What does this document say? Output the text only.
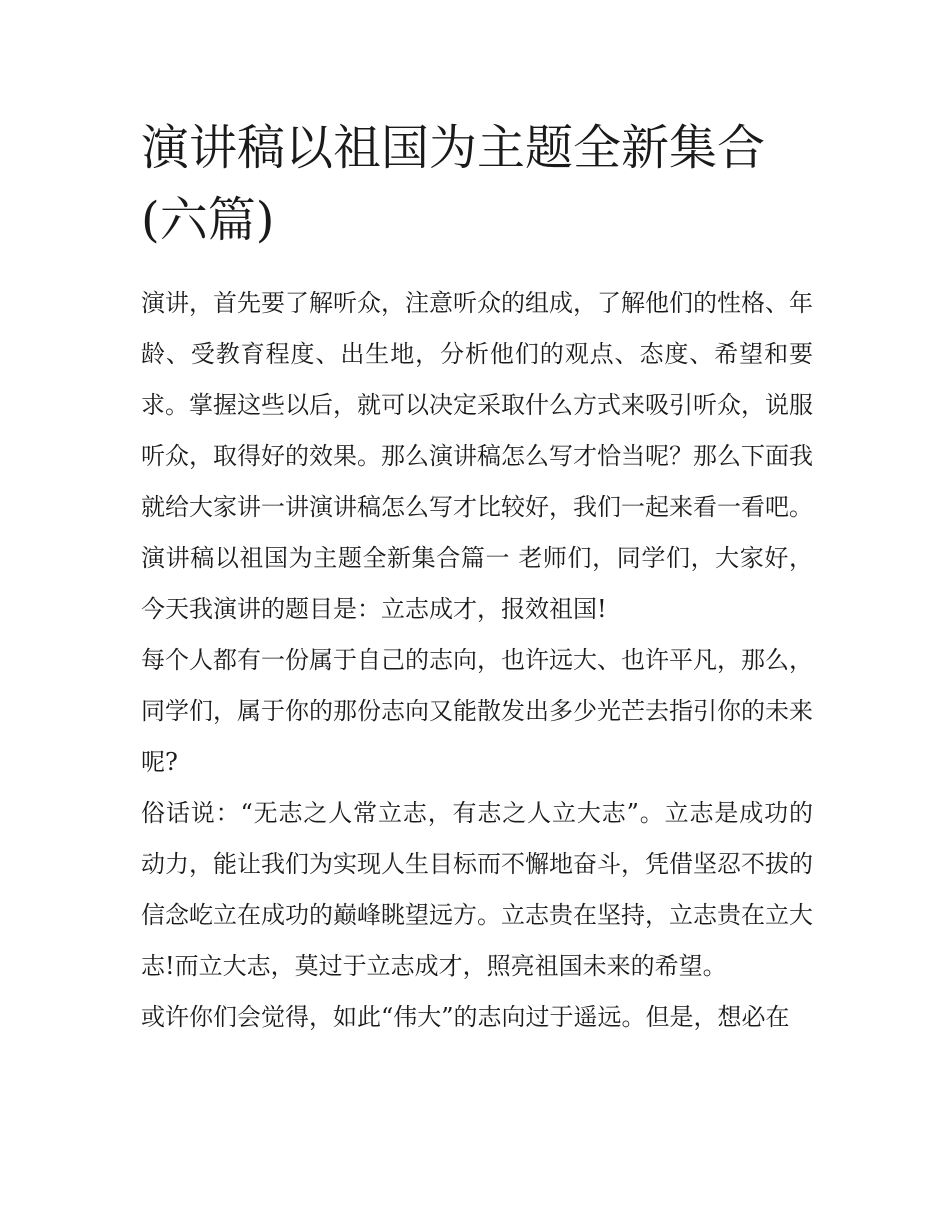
演讲稿以祖国为主题全新集合(六篇)

演讲，首先要了解听众，注意听众的组成，了解他们的性格、年龄、受教育程度、出生地，分析他们的观点、态度、希望和要求。掌握这些以后，就可以决定采取什么方式来吸引听众，说服听众，取得好的效果。那么演讲稿怎么写才恰当呢？那么下面我就给大家讲一讲演讲稿怎么写才比较好，我们一起来看一看吧。

演讲稿以祖国为主题全新集合篇一 老师们，同学们，大家好，今天我演讲的题目是：立志成才，报效祖国!

每个人都有一份属于自己的志向，也许远大、也许平凡，那么，同学们，属于你的那份志向又能散发出多少光芒去指引你的未来呢?

俗话说：“无志之人常立志，有志之人立大志”。立志是成功的动力，能让我们为实现人生目标而不懈地奋斗，凭借坚忍不拔的信念屹立在成功的巅峰眺望远方。立志贵在坚持，立志贵在立大志!而立大志，莫过于立志成才，照亮祖国未来的希望。

或许你们会觉得，如此“伟大”的志向过于遥远。但是，想必在
